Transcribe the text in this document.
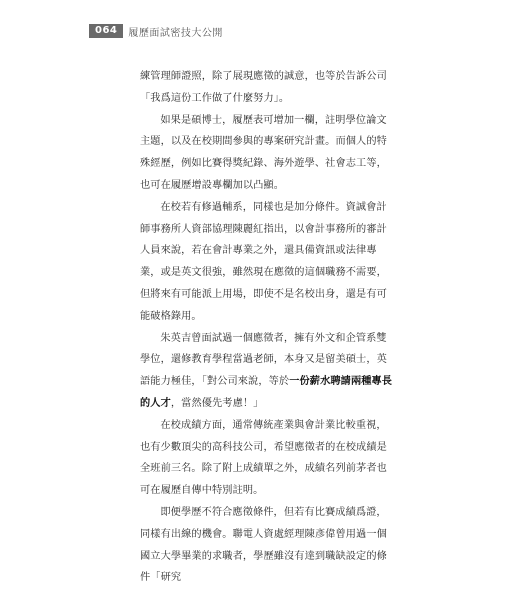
064	履歷面試密技大公開

練管理師證照，除了展現應徵的誠意，也等於告訴公司「我爲這份工作做了什麼努力」。

如果是碩博士，履歷表可增加一欄，註明學位論文主題，以及在校期間參與的專案研究計畫。而個人的特殊經歷，例如比賽得獎紀錄、海外遊學、社會志工等，也可在履歷增設專欄加以凸顯。

在校若有修過輔系，同樣也是加分條件。資誠會計師事務所人資部協理陳麗紅指出，以會計事務所的審計人員來說，若在會計專業之外，還具備資訊或法律專業，或是英文很強，雖然現在應徵的這個職務不需要，但將來有可能派上用場，即使不是名校出身，還是有可能破格錄用。

朱英吉曾面試過一個應徵者，擁有外文和企管系雙學位，還修教育學程當過老師，本身又是留美碩士，英語能力極佳，「對公司來說，等於一份薪水聘請兩種專長的人才，當然優先考慮！」

在校成績方面，通常傳統產業與會計業比較重視，也有少數頂尖的高科技公司，希望應徵者的在校成績是全班前三名。除了附上成績單之外，成績名列前茅者也可在履歷自傳中特別註明。

即便學歷不符合應徵條件，但若有比賽成績爲證，同樣有出線的機會。聯電人資處經理陳彥偉曾用過一個國立大學畢業的求職者，學歷雖沒有達到職缺設定的條件「研究
